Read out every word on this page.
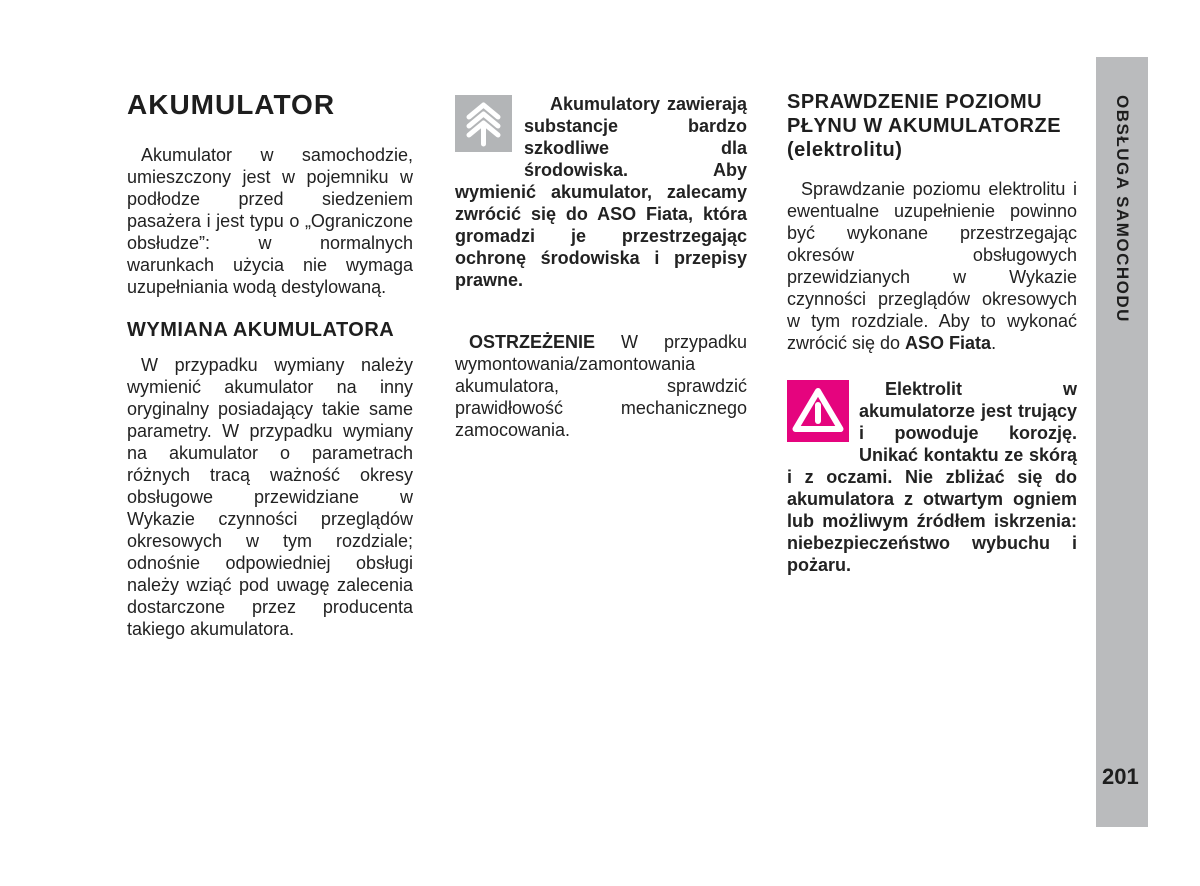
AKUMULATOR

Akumulator w samochodzie, umieszczony jest w pojemniku w podłodze przed siedzeniem pasażera i jest typu o „Ograniczone obsłudze”: w normalnych warunkach użycia nie wymaga uzupełniania wodą destylowaną.

WYMIANA AKUMULATORA

W przypadku wymiany należy wymienić akumulator na inny oryginalny posiadający takie same parametry. W przypadku wymiany na akumulator o parametrach różnych tracą ważność okresy obsługowe przewidziane w Wykazie czynności przeglądów okresowych w tym rozdziale; odnośnie odpowiedniej obsługi należy wziąć pod uwagę zalecenia dostarczone przez producenta takiego akumulatora.

Akumulatory zawierają substancje bardzo szkodliwe dla środowiska. Aby wymienić akumulator, zalecamy zwrócić się do ASO Fiata, która gromadzi je przestrzegając ochronę środowiska i przepisy prawne.

OSTRZEŻENIE W przypadku wymontowania/zamontowania akumulatora, sprawdzić prawidłowość mechanicznego zamocowania.

SPRAWDZENIE POZIOMU
PŁYNU W AKUMULATORZE
(elektrolitu)

Sprawdzanie poziomu elektrolitu i ewentualne uzupełnienie powinno być wykonane przestrzegając okresów obsługowych przewidzianych w Wykazie czynności przeglądów okresowych w tym rozdziale. Aby to wykonać zwrócić się do ASO Fiata.

Elektrolit w akumulatorze jest trujący i powoduje korozję. Unikać kontaktu ze skórą i z oczami. Nie zbliżać się do akumulatora z otwartym ogniem lub możliwym źródłem iskrzenia: niebezpieczeństwo wybuchu i pożaru.

OBSŁUGA SAMOCHODU
201
